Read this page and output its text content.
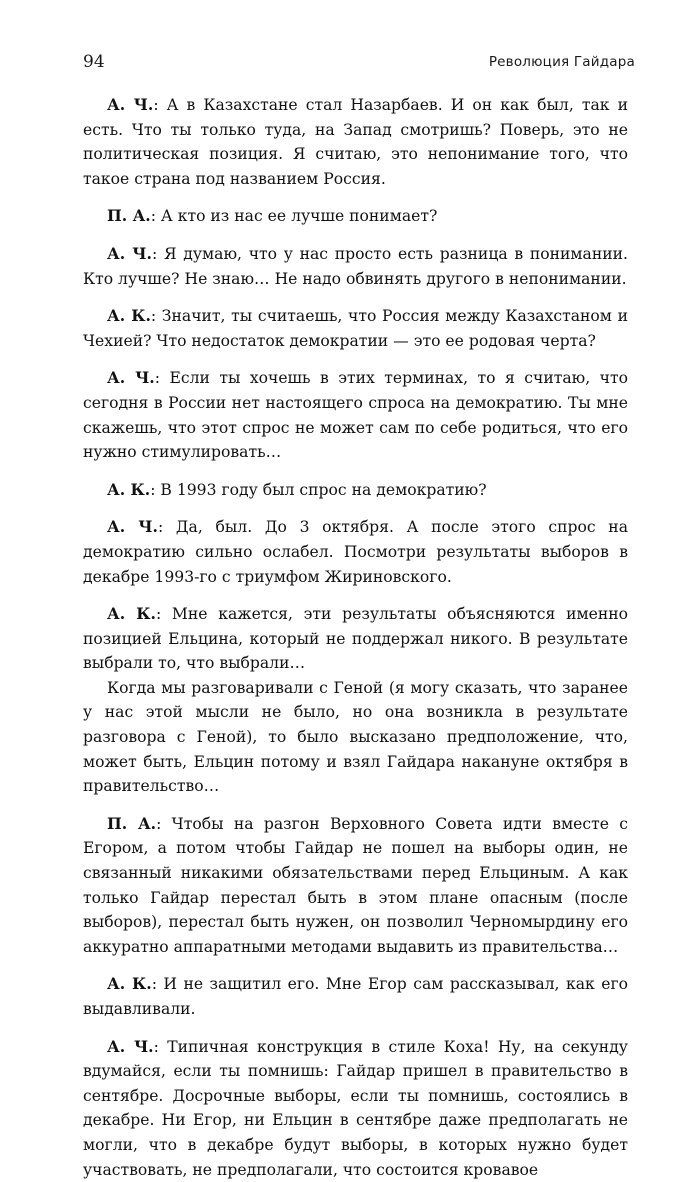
94	Революция Гайдара

А. Ч.: А в Казахстане стал Назарбаев. И он как был, так и есть. Что ты только туда, на Запад смотришь? Поверь, это не политическая позиция. Я считаю, это непонимание того, что такое страна под названием Россия.

П. А.: А кто из нас ее лучше понимает?

А. Ч.: Я думаю, что у нас просто есть разница в понимании. Кто лучше? Не знаю… Не надо обвинять другого в непонимании.

А. К.: Значит, ты считаешь, что Россия между Казахстаном и Чехией? Что недостаток демократии — это ее родовая черта?

А. Ч.: Если ты хочешь в этих терминах, то я считаю, что сегодня в России нет настоящего спроса на демократию. Ты мне скажешь, что этот спрос не может сам по себе родиться, что его нужно стимулировать…

А. К.: В 1993 году был спрос на демократию?

А. Ч.: Да, был. До 3 октября. А после этого спрос на демократию сильно ослабел. Посмотри результаты выборов в декабре 1993-го с триумфом Жириновского.

А. К.: Мне кажется, эти результаты объясняются именно позицией Ельцина, который не поддержал никого. В результате выбрали то, что выбрали…

Когда мы разговаривали с Геной (я могу сказать, что заранее у нас этой мысли не было, но она возникла в результате разговора с Геной), то было высказано предположение, что, может быть, Ельцин потому и взял Гайдара накануне октября в правительство…

П. А.: Чтобы на разгон Верховного Совета идти вместе с Егором, а потом чтобы Гайдар не пошел на выборы один, не связанный никакими обязательствами перед Ельциным. А как только Гайдар перестал быть в этом плане опасным (после выборов), перестал быть нужен, он позволил Черномырдину его аккуратно аппаратными методами выдавить из правительства…

А. К.: И не защитил его. Мне Егор сам рассказывал, как его выдавливали.

А. Ч.: Типичная конструкция в стиле Коха! Ну, на секунду вдумайся, если ты помнишь: Гайдар пришел в правительство в сентябре. Досрочные выборы, если ты помнишь, состоялись в декабре. Ни Егор, ни Ельцин в сентябре даже предполагать не могли, что в декабре будут выборы, в которых нужно будет участвовать, не предполагали, что состоится кровавое
